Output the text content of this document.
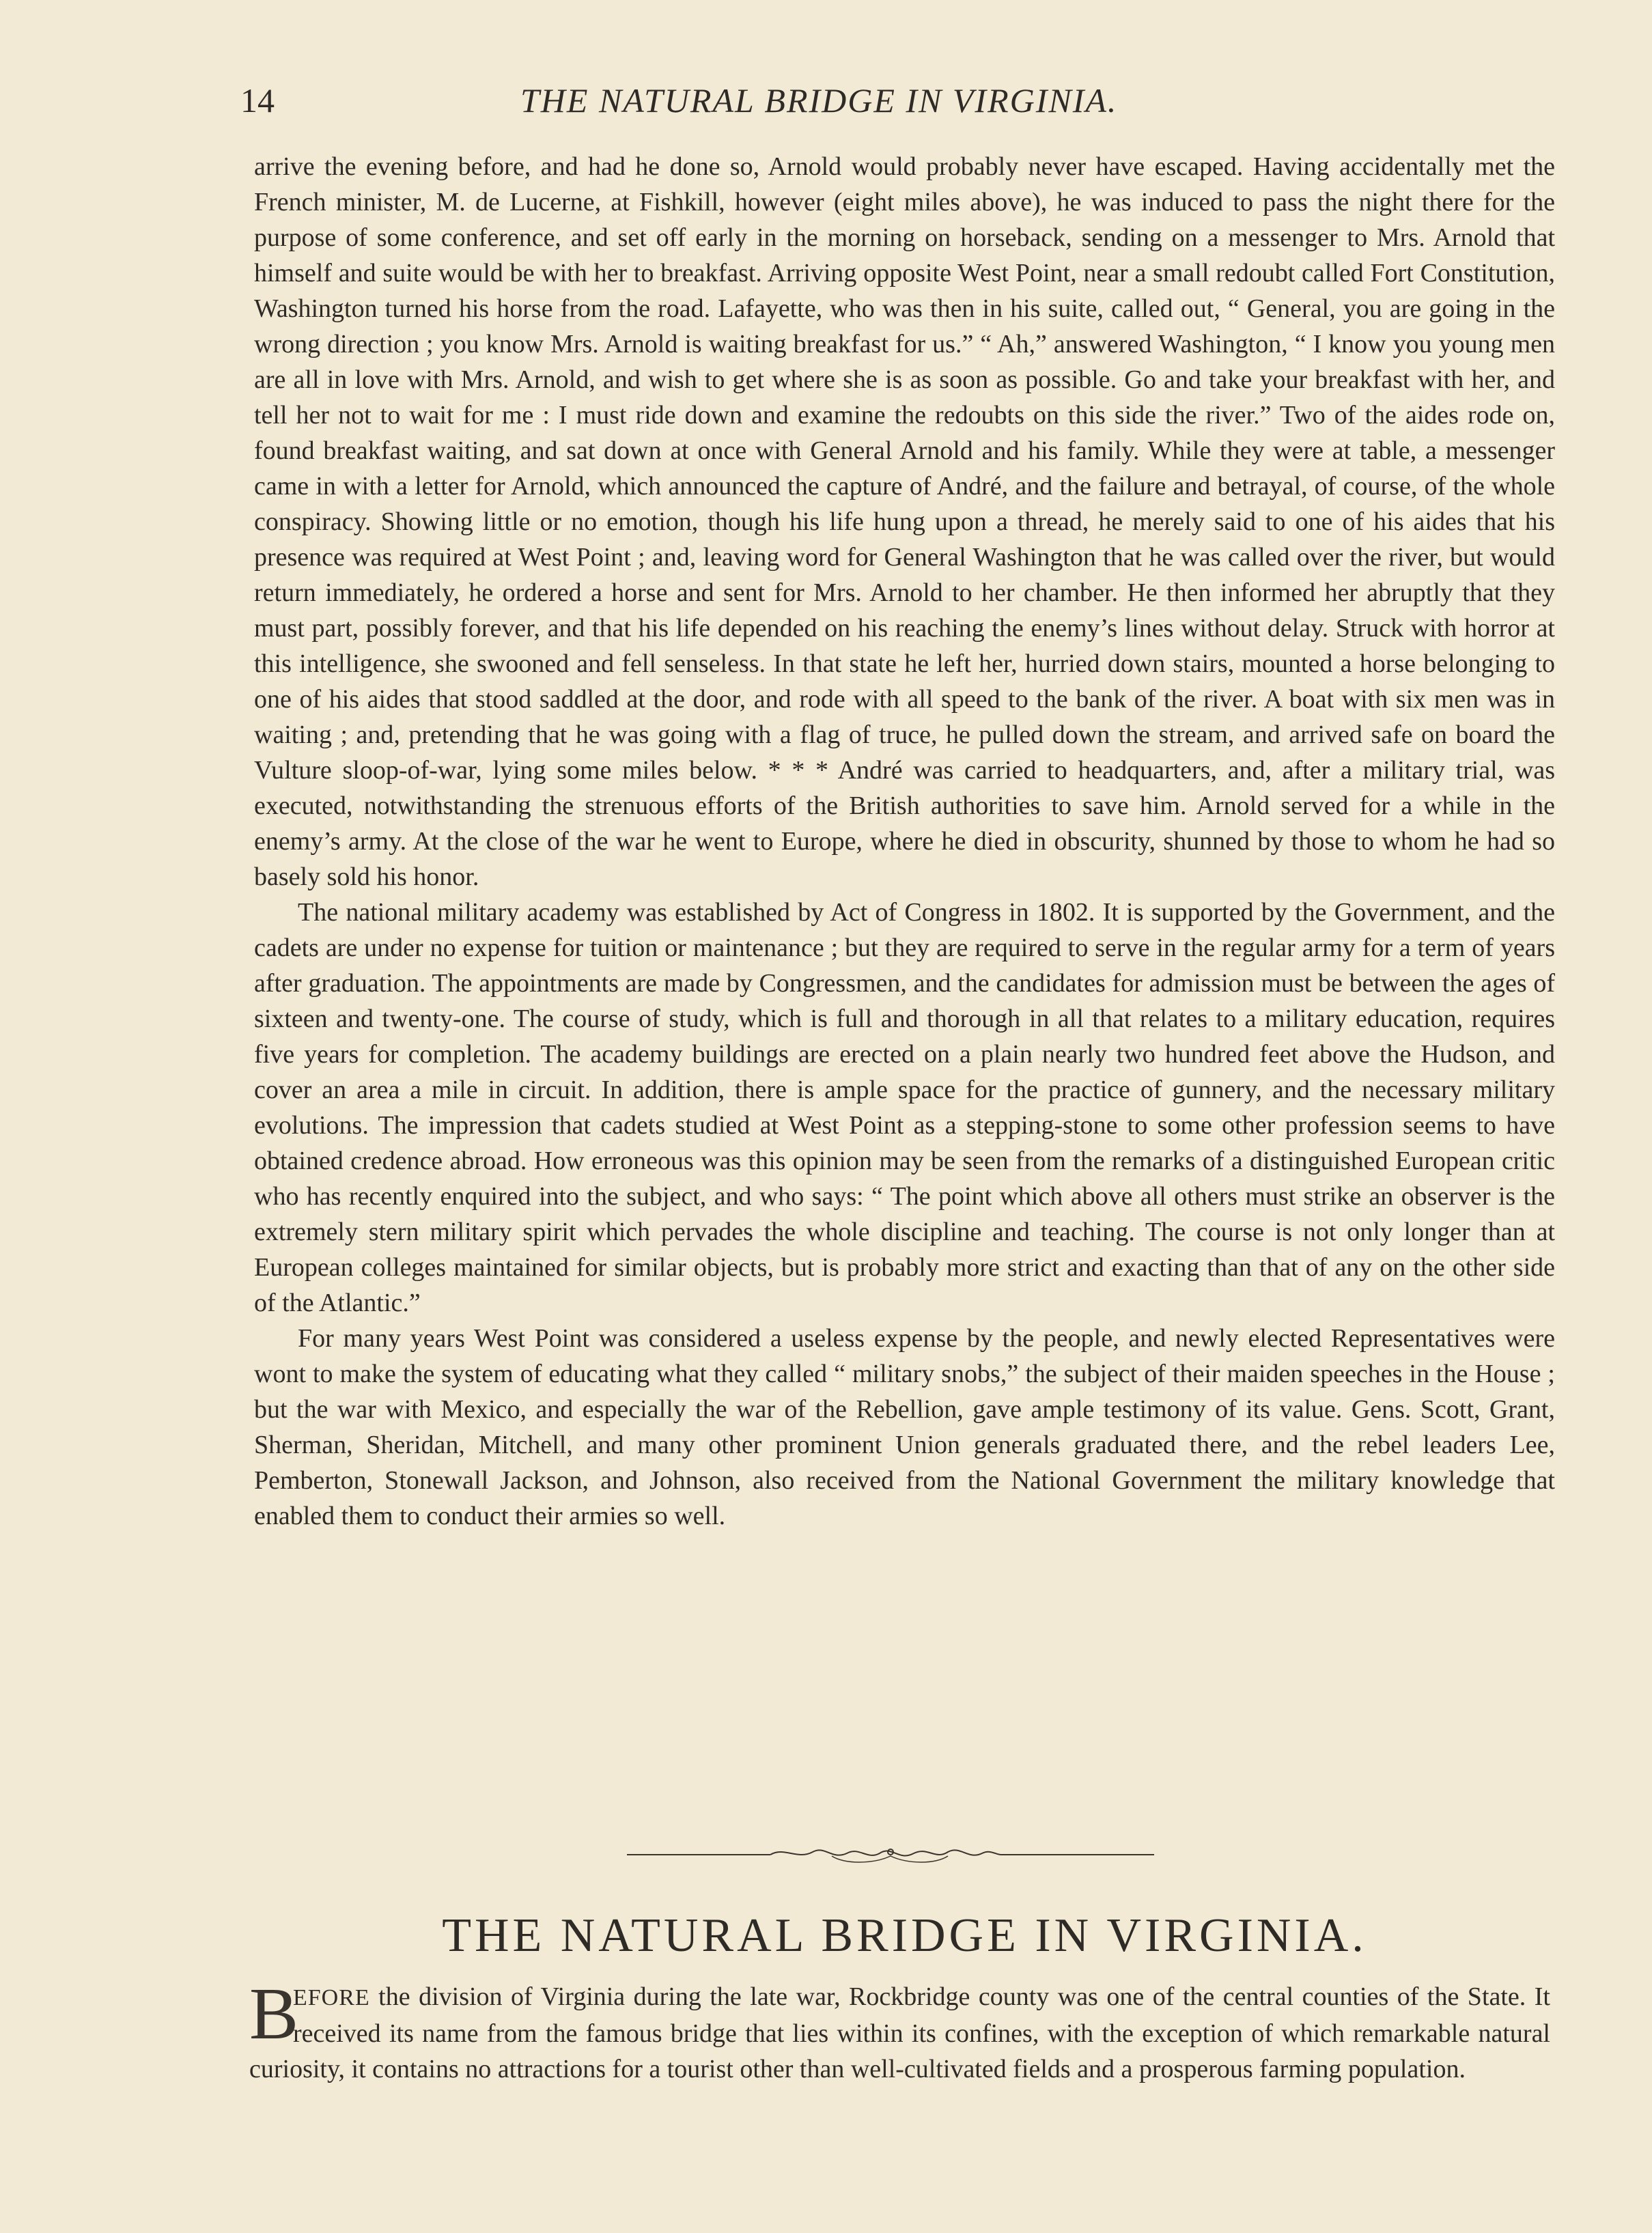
14	THE NATURAL BRIDGE IN VIRGINIA.

arrive the evening before, and had he done so, Arnold would probably never have escaped. Having accidentally met the French minister, M. de Lucerne, at Fishkill, however (eight miles above), he was induced to pass the night there for the purpose of some conference, and set off early in the morning on horseback, sending on a messenger to Mrs. Arnold that himself and suite would be with her to breakfast. Arriving opposite West Point, near a small redoubt called Fort Constitution, Washington turned his horse from the road. Lafayette, who was then in his suite, called out, “ General, you are going in the wrong direction ; you know Mrs. Arnold is waiting breakfast for us.” “ Ah,” answered Washington, “ I know you young men are all in love with Mrs. Arnold, and wish to get where she is as soon as possible. Go and take your breakfast with her, and tell her not to wait for me : I must ride down and examine the redoubts on this side the river.” Two of the aides rode on, found breakfast waiting, and sat down at once with General Arnold and his family. While they were at table, a messenger came in with a letter for Arnold, which announced the capture of André, and the failure and betrayal, of course, of the whole conspiracy. Showing little or no emotion, though his life hung upon a thread, he merely said to one of his aides that his presence was required at West Point ; and, leaving word for General Washington that he was called over the river, but would return immediately, he ordered a horse and sent for Mrs. Arnold to her chamber. He then informed her abruptly that they must part, possibly forever, and that his life depended on his reaching the enemy’s lines without delay. Struck with horror at this intelligence, she swooned and fell senseless. In that state he left her, hurried down stairs, mounted a horse belonging to one of his aides that stood saddled at the door, and rode with all speed to the bank of the river. A boat with six men was in waiting ; and, pretending that he was going with a flag of truce, he pulled down the stream, and arrived safe on board the Vulture sloop-of-war, lying some miles below. * * * André was carried to headquarters, and, after a military trial, was executed, notwithstanding the strenuous efforts of the British authorities to save him. Arnold served for a while in the enemy’s army. At the close of the war he went to Europe, where he died in obscurity, shunned by those to whom he had so basely sold his honor.

The national military academy was established by Act of Congress in 1802. It is supported by the Government, and the cadets are under no expense for tuition or maintenance ; but they are required to serve in the regular army for a term of years after graduation. The appointments are made by Congressmen, and the candidates for admission must be between the ages of sixteen and twenty-one. The course of study, which is full and thorough in all that relates to a military education, requires five years for completion. The academy buildings are erected on a plain nearly two hundred feet above the Hudson, and cover an area a mile in circuit. In addition, there is ample space for the practice of gunnery, and the necessary military evolutions. The impression that cadets studied at West Point as a stepping-stone to some other profession seems to have obtained credence abroad. How erroneous was this opinion may be seen from the remarks of a distinguished European critic who has recently enquired into the subject, and who says: “ The point which above all others must strike an observer is the extremely stern military spirit which pervades the whole discipline and teaching. The course is not only longer than at European colleges maintained for similar objects, but is probably more strict and exacting than that of any on the other side of the Atlantic.”

For many years West Point was considered a useless expense by the people, and newly elected Representatives were wont to make the system of educating what they called “ military snobs,” the subject of their maiden speeches in the House ; but the war with Mexico, and especially the war of the Rebellion, gave ample testimony of its value. Gens. Scott, Grant, Sherman, Sheridan, Mitchell, and many other prominent Union generals graduated there, and the rebel leaders Lee, Pemberton, Stonewall Jackson, and Johnson, also received from the National Government the military knowledge that enabled them to conduct their armies so well.

THE NATURAL BRIDGE IN VIRGINIA.
B

EFORE the division of Virginia during the late war, Rockbridge county was one of the central counties of the State. It received its name from the famous bridge that lies within its confines, with the exception of which remarkable natural curiosity, it contains no attractions for a tourist other than well-cultivated fields and a prosperous farming population.
